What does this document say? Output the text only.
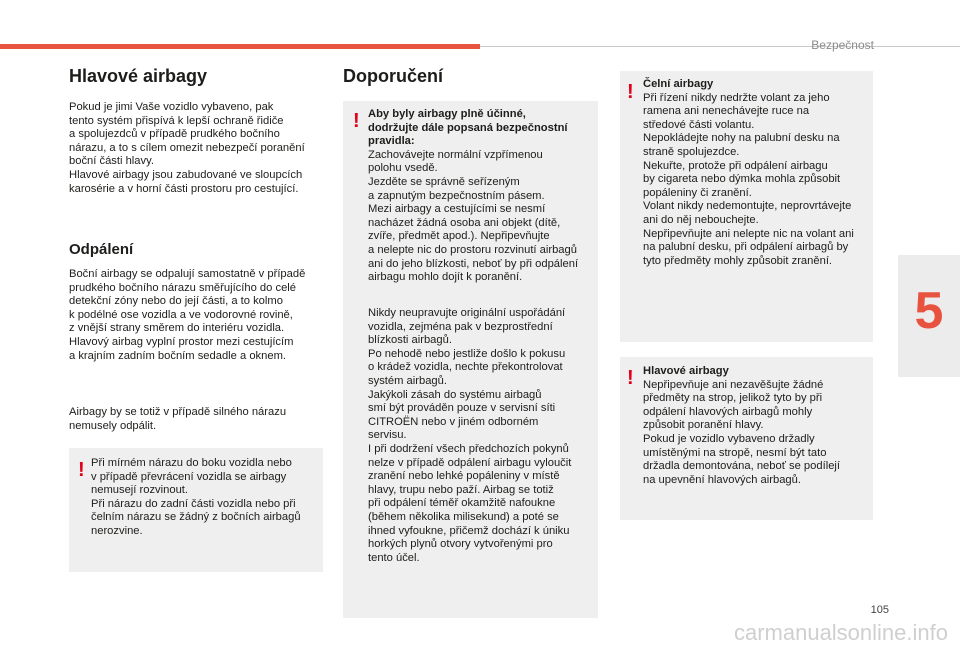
Bezpečnost
5
Hlavové airbagy

Pokud je jimi Vaše vozidlo vybaveno, pak
tento systém přispívá k lepší ochraně řidiče
a spolujezdců v případě prudkého bočního
nárazu, a to s cílem omezit nebezpečí poranění
boční části hlavy.
Hlavové airbagy jsou zabudované ve sloupcích
karosérie a v horní části prostoru pro cestující.

Odpálení

Boční airbagy se odpalují samostatně v případě
prudkého bočního nárazu směřujícího do celé
detekční zóny nebo do její části, a to kolmo
k podélné ose vozidla a ve vodorovné rovině,
z vnější strany směrem do interiéru vozidla.
Hlavový airbag vyplní prostor mezi cestujícím
a krajním zadním bočním sedadle a oknem.

Airbagy by se totiž v případě silného nárazu
nemusely odpálit.

! Při mírném nárazu do boku vozidla nebo
v případě převrácení vozidla se airbagy
nemusejí rozvinout.
Při nárazu do zadní části vozidla nebo při
čelním nárazu se žádný z bočních airbagů
nerozvine.

Doporučení
! Aby byly airbagy plně účinné,
dodržujte dále popsaná bezpečnostní
pravidla:
Zachovávejte normální vzpřímenou
polohu vsedě.
Jezděte se správně seřízeným
a zapnutým bezpečnostním pásem.
Mezi airbagy a cestujícími se nesmí
nacházet žádná osoba ani objekt (dítě,
zvíře, předmět apod.). Nepřipevňujte
a nelepte nic do prostoru rozvinutí airbagů
ani do jeho blízkosti, neboť by při odpálení
airbagu mohlo dojít k poranění.

Nikdy neupravujte originální uspořádání
vozidla, zejména pak v bezprostřední
blízkosti airbagů.
Po nehodě nebo jestliže došlo k pokusu
o krádež vozidla, nechte překontrolovat
systém airbagů.
Jakýkoli zásah do systému airbagů
smí být prováděn pouze v servisní síti
CITROËN nebo v jiném odborném
servisu.
I při dodržení všech předchozích pokynů
nelze v případě odpálení airbagu vyloučit
zranění nebo lehké popáleniny v místě
hlavy, trupu nebo paží. Airbag se totiž
při odpálení téměř okamžitě nafoukne
(během několika milisekund) a poté se
ihned vyfoukne, přičemž dochází k úniku
horkých plynů otvory vytvořenými pro
tento účel.

! Čelní airbagy
Při řízení nikdy nedržte volant za jeho
ramena ani nenechávejte ruce na
středové části volantu.
Nepokládejte nohy na palubní desku na
straně spolujezdce.
Nekuřte, protože při odpálení airbagu
by cigareta nebo dýmka mohla způsobit
popáleniny či zranění.
Volant nikdy nedemontujte, neprovrtávejte
ani do něj nebouchejte.
Nepřipevňujte ani nelepte nic na volant ani
na palubní desku, při odpálení airbagů by
tyto předměty mohly způsobit zranění.

! Hlavové airbagy
Nepřipevňuje ani nezavěšujte žádné
předměty na strop, jelikož tyto by při
odpálení hlavových airbagů mohly
způsobit poranění hlavy.
Pokud je vozidlo vybaveno držadly
umístěnými na stropě, nesmí být tato
držadla demontována, neboť se podílejí
na upevnění hlavových airbagů.

105
carmanualsonline.info
